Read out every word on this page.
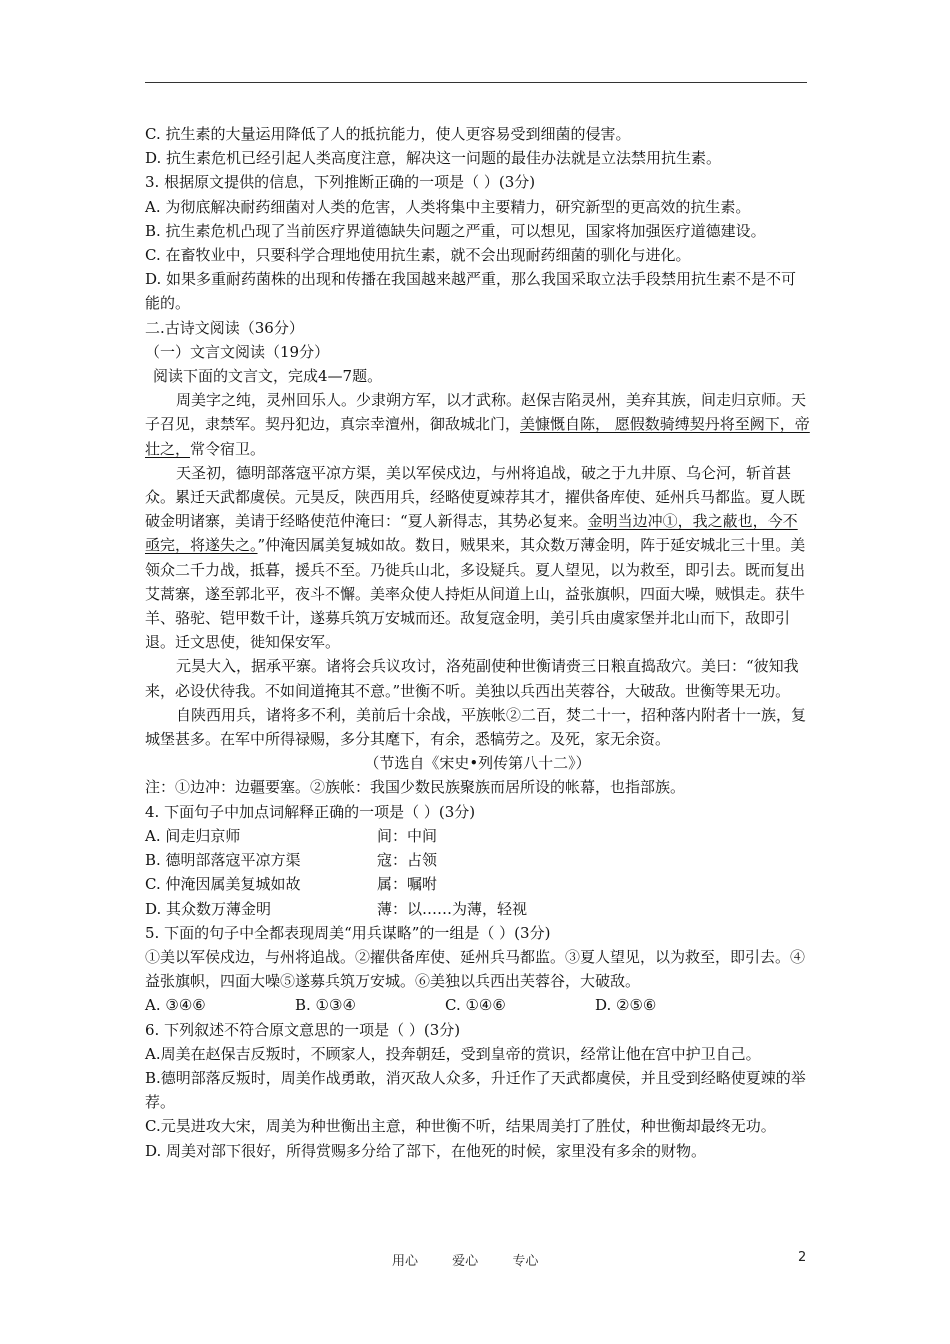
C. 抗生素的大量运用降低了人的抵抗能力，使人更容易受到细菌的侵害。

D. 抗生素危机已经引起人类高度注意，解决这一问题的最佳办法就是立法禁用抗生素。

3. 根据原文提供的信息，下列推断正确的一项是（ ）(3分)

A. 为彻底解决耐药细菌对人类的危害，人类将集中主要精力，研究新型的更高效的抗生素。

B. 抗生素危机凸现了当前医疗界道德缺失问题之严重，可以想见，国家将加强医疗道德建设。

C. 在畜牧业中，只要科学合理地使用抗生素，就不会出现耐药细菌的驯化与进化。

D. 如果多重耐药菌株的出现和传播在我国越来越严重，那么我国采取立法手段禁用抗生素不是不可能的。

二.古诗文阅读（36分）

（一）文言文阅读（19分）

阅读下面的文言文，完成4—7题。

周美字之纯，灵州回乐人。少隶朔方军，以才武称。赵保吉陷灵州，美弃其族，间走归京师。天子召见，隶禁军。契丹犯边，真宗幸澶州，御敌城北门，美慷慨自陈， 愿假数骑缚契丹将至阙下，帝壮之，常令宿卫。

天圣初，德明部落寇平凉方渠，美以军侯戍边，与州将追战，破之于九井原、乌仑河，斩首甚众。累迁天武都虞侯。元昊反，陕西用兵，经略使夏竦荐其才，擢供备库使、延州兵马都监。夏人既破金明诸寨，美请于经略使范仲淹曰：“夏人新得志，其势必复来。金明当边冲①，我之蔽也，今不亟完，将遂失之。”仲淹因属美复城如故。数日，贼果来，其众数万薄金明，阵于延安城北三十里。美领众二千力战，抵暮，援兵不至。乃徙兵山北，多设疑兵。夏人望见，以为救至，即引去。既而复出艾蒿寨，遂至郭北平，夜斗不懈。美率众使人持炬从间道上山，益张旗帜，四面大噪，贼惧走。获牛羊、骆驼、铠甲数千计，遂募兵筑万安城而还。敌复寇金明，美引兵由虞家堡并北山而下，敌即引退。迁文思使，徙知保安军。

元昊大入，据承平寨。诸将会兵议攻讨，洛苑副使种世衡请赍三日粮直捣敌穴。美曰：“彼知我来，必设伏待我。不如间道掩其不意。”世衡不听。美独以兵西出芙蓉谷，大破敌。世衡等果无功。

自陕西用兵，诸将多不利，美前后十余战，平族帐②二百，焚二十一，招种落内附者十一族，复城堡甚多。在军中所得禄赐，多分其麾下，有余，悉犒劳之。及死，家无余资。

（节选自《宋史•列传第八十二》）

注：①边冲：边疆要塞。②族帐：我国少数民族聚族而居所设的帐幕，也指部族。

4. 下面句子中加点词解释正确的一项是（ ）(3分)

A. 间走归京师	间：中间
B. 德明部落寇平凉方渠	寇：占领
C. 仲淹因属美复城如故	属：嘱咐
D. 其众数万薄金明	薄：以……为薄，轻视

5. 下面的句子中全都表现周美“用兵谋略”的一组是（ ）(3分)

①美以军侯戍边，与州将追战。②擢供备库使、延州兵马都监。③夏人望见，以为救至，即引去。④益张旗帜，四面大噪⑤遂募兵筑万安城。⑥美独以兵西出芙蓉谷，大破敌。

A. ③④⑥	B. ①③④	C. ①④⑥	D. ②⑤⑥

6. 下列叙述不符合原文意思的一项是（ ）(3分)

A.周美在赵保吉反叛时，不顾家人，投奔朝廷，受到皇帝的赏识，经常让他在宫中护卫自己。

B.德明部落反叛时，周美作战勇敢，消灭敌人众多，升迁作了天武都虞侯，并且受到经略使夏竦的举荐。

C.元昊进攻大宋，周美为种世衡出主意，种世衡不听，结果周美打了胜仗，种世衡却最终无功。

D. 周美对部下很好，所得赏赐多分给了部下，在他死的时候，家里没有多余的财物。

用心	爱心	专心	2
